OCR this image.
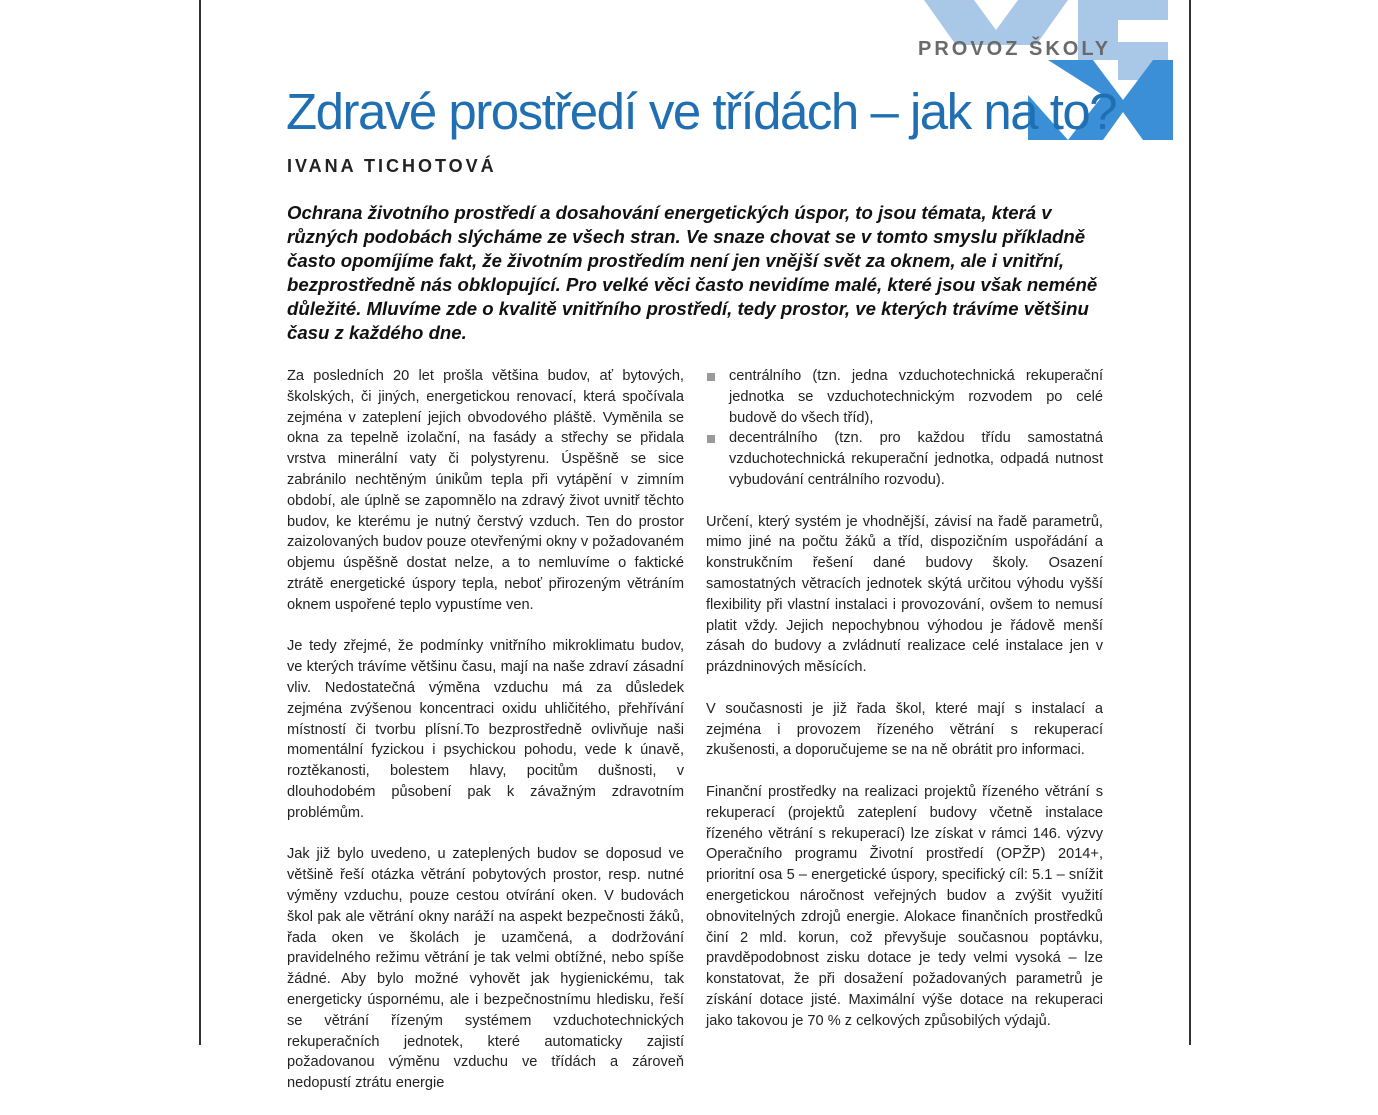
PROVOZ ŠKOLY
Zdravé prostředí ve třídách – jak na to?
IVANA TICHOTOVÁ
Ochrana životního prostředí a dosahování energetických úspor, to jsou témata, která v různých podobách slýcháme ze všech stran. Ve snaze chovat se v tomto smyslu příkladně často opomíjíme fakt, že životním prostředím není jen vnější svět za oknem, ale i vnitřní, bezprostředně nás obklopující. Pro velké věci často nevidíme malé, které jsou však neméně důležité. Mluvíme zde o kvalitě vnitřního prostředí, tedy prostor, ve kterých trávíme většinu času z každého dne.

Za posledních 20 let prošla většina budov, ať bytových, školských, či jiných, energetickou renovací, která spočívala zejména v zateplení jejich obvodového pláště. Vyměnila se okna za tepelně izolační, na fasády a střechy se přidala vrstva minerální vaty či polystyrenu. Úspěšně se sice zabránilo nechtěným únikům tepla při vytápění v zimním období, ale úplně se zapomnělo na zdravý život uvnitř těchto budov, ke kterému je nutný čerstvý vzduch. Ten do prostor zaizolovaných budov pouze otevřenými okny v požadovaném objemu úspěšně dostat nelze, a to nemluvíme o faktické ztrátě energetické úspory tepla, neboť přirozeným větráním oknem uspořené teplo vypustíme ven.

Je tedy zřejmé, že podmínky vnitřního mikroklimatu budov, ve kterých trávíme většinu času, mají na naše zdraví zásadní vliv. Nedostatečná výměna vzduchu má za důsledek zejména zvýšenou koncentraci oxidu uhličitého, přehřívání místností či tvorbu plísní.To bezprostředně ovlivňuje naši momentální fyzickou i psychickou pohodu, vede k únavě, roztěkanosti, bolestem hlavy, pocitům dušnosti, v dlouhodobém působení pak k závažným zdravotním problémům.

Jak již bylo uvedeno, u zateplených budov se doposud ve většině řeší otázka větrání pobytových prostor, resp. nutné výměny vzduchu, pouze cestou otvírání oken. V budovách škol pak ale větrání okny naráží na aspekt bezpečnosti žáků, řada oken ve školách je uzamčená, a dodržování pravidelného režimu větrání je tak velmi obtížné, nebo spíše žádné. Aby bylo možné vyhovět jak hygienickému, tak energeticky úspornému, ale i bezpečnostnímu hledisku, řeší se větrání řízeným systémem vzduchotechnických rekuperačních jednotek, které automaticky zajistí požadovanou výměnu vzduchu ve třídách a zároveň nedopustí ztrátu energie

centrálního (tzn. jedna vzduchotechnická rekuperační jednotka se vzduchotechnickým rozvodem po celé budově do všech tříd),
decentrálního (tzn. pro každou třídu samostatná vzduchotechnická rekuperační jednotka, odpadá nutnost vybudování centrálního rozvodu).

Určení, který systém je vhodnější, závisí na řadě parametrů, mimo jiné na počtu žáků a tříd, dispozičním uspořádání a konstrukčním řešení dané budovy školy. Osazení samostatných větracích jednotek skýtá určitou výhodu vyšší flexibility při vlastní instalaci i provozování, ovšem to nemusí platit vždy. Jejich nepochybnou výhodou je řádově menší zásah do budovy a zvládnutí realizace celé instalace jen v prázdninových měsících.

V současnosti je již řada škol, které mají s instalací a zejména i provozem řízeného větrání s rekuperací zkušenosti, a doporučujeme se na ně obrátit pro informaci.

Finanční prostředky na realizaci projektů řízeného větrání s rekuperací (projektů zateplení budovy včetně instalace řízeného větrání s rekuperací) lze získat v rámci 146. výzvy Operačního programu Životní prostředí (OPŽP) 2014+, prioritní osa 5 – energetické úspory, specifický cíl: 5.1 – snížit energetickou náročnost veřejných budov a zvýšit využití obnovitelných zdrojů energie. Alokace finančních prostředků činí 2 mld. korun, což převyšuje současnou poptávku, pravděpodobnost zisku dotace je tedy velmi vysoká – lze konstatovat, že při dosažení požadovaných parametrů je získání dotace jisté. Maximální výše dotace na rekuperaci jako takovou je 70 % z celkových způsobilých výdajů.
